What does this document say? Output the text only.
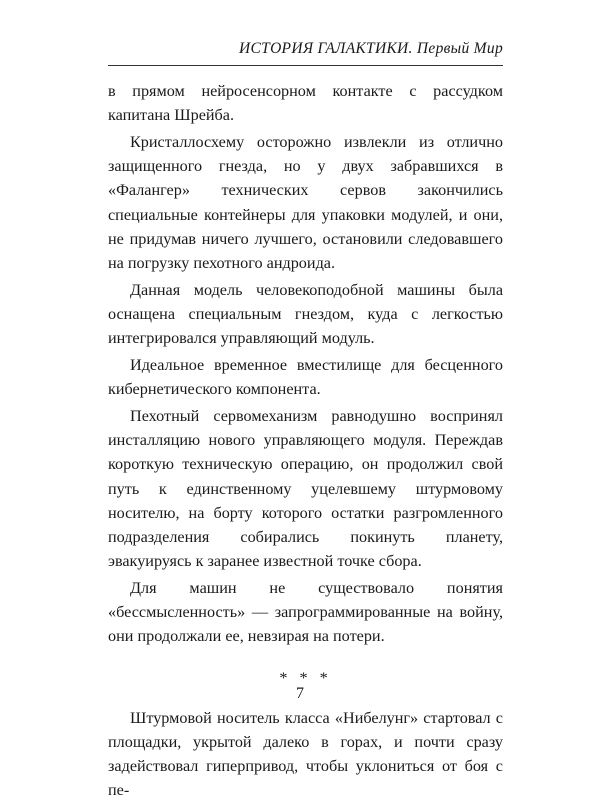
ИСТОРИЯ ГАЛАКТИКИ. Первый Мир

в прямом нейросенсорном контакте с рассудком капитана Шрейба.

Кристаллосхему осторожно извлекли из отлично защищенного гнезда, но у двух забравшихся в «Фалангер» технических сервов закончились специальные контейнеры для упаковки модулей, и они, не придумав ничего лучшего, остановили следовавшего на погрузку пехотного андроида.

Данная модель человекоподобной машины была оснащена специальным гнездом, куда с легкостью интегрировался управляющий модуль.

Идеальное временное вместилище для бесценного кибернетического компонента.

Пехотный сервомеханизм равнодушно воспринял инсталляцию нового управляющего модуля. Переждав короткую техническую операцию, он продолжил свой путь к единственному уцелевшему штурмовому носителю, на борту которого остатки разгромленного подразделения собирались покинуть планету, эвакуируясь к заранее известной точке сбора.

Для машин не существовало понятия «бессмысленность» — запрограммированные на войну, они продолжали ее, невзирая на потери.

* * *

Штурмовой носитель класса «Нибелунг» стартовал с площадки, укрытой далеко в горах, и почти сразу задействовал гиперпривод, чтобы уклониться от боя с пе-

7
